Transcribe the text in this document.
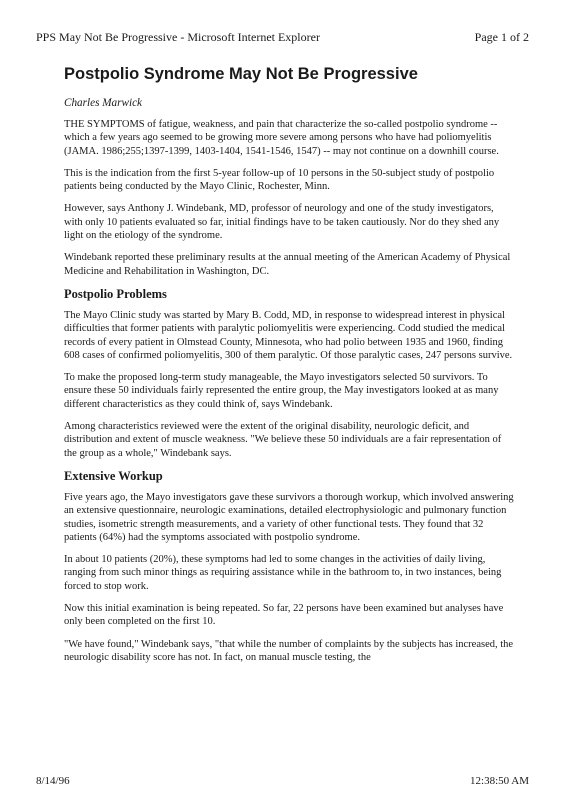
PPS May Not Be Progressive - Microsoft Internet Explorer	Page 1 of 2
Postpolio Syndrome May Not Be Progressive
Charles Marwick

THE SYMPTOMS of fatigue, weakness, and pain that characterize the so-called postpolio syndrome -- which a few years ago seemed to be growing more severe among persons who have had poliomyelitis (JAMA. 1986;255;1397-1399, 1403-1404, 1541-1546, 1547) -- may not continue on a downhill course.

This is the indication from the first 5-year follow-up of 10 persons in the 50-subject study of postpolio patients being conducted by the Mayo Clinic, Rochester, Minn.

However, says Anthony J. Windebank, MD, professor of neurology and one of the study investigators, with only 10 patients evaluated so far, initial findings have to be taken cautiously. Nor do they shed any light on the etiology of the syndrome.

Windebank reported these preliminary results at the annual meeting of the American Academy of Physical Medicine and Rehabilitation in Washington, DC.

Postpolio Problems

The Mayo Clinic study was started by Mary B. Codd, MD, in response to widespread interest in physical difficulties that former patients with paralytic poliomyelitis were experiencing. Codd studied the medical records of every patient in Olmstead County, Minnesota, who had polio between 1935 and 1960, finding 608 cases of confirmed poliomyelitis, 300 of them paralytic. Of those paralytic cases, 247 persons survive.

To make the proposed long-term study manageable, the Mayo investigators selected 50 survivors. To ensure these 50 individuals fairly represented the entire group, the May investigators looked at as many different characteristics as they could think of, says Windebank.

Among characteristics reviewed were the extent of the original disability, neurologic deficit, and distribution and extent of muscle weakness. "We believe these 50 individuals are a fair representation of the group as a whole," Windebank says.

Extensive Workup

Five years ago, the Mayo investigators gave these survivors a thorough workup, which involved answering an extensive questionnaire, neurologic examinations, detailed electrophysiologic and pulmonary function studies, isometric strength measurements, and a variety of other functional tests. They found that 32 patients (64%) had the symptoms associated with postpolio syndrome.

In about 10 patients (20%), these symptoms had led to some changes in the activities of daily living, ranging from such minor things as requiring assistance while in the bathroom to, in two instances, being forced to stop work.

Now this initial examination is being repeated. So far, 22 persons have been examined but analyses have only been completed on the first 10.

"We have found," Windebank says, "that while the number of complaints by the subjects has increased, the neurologic disability score has not. In fact, on manual muscle testing, the

8/14/96	12:38:50 AM
